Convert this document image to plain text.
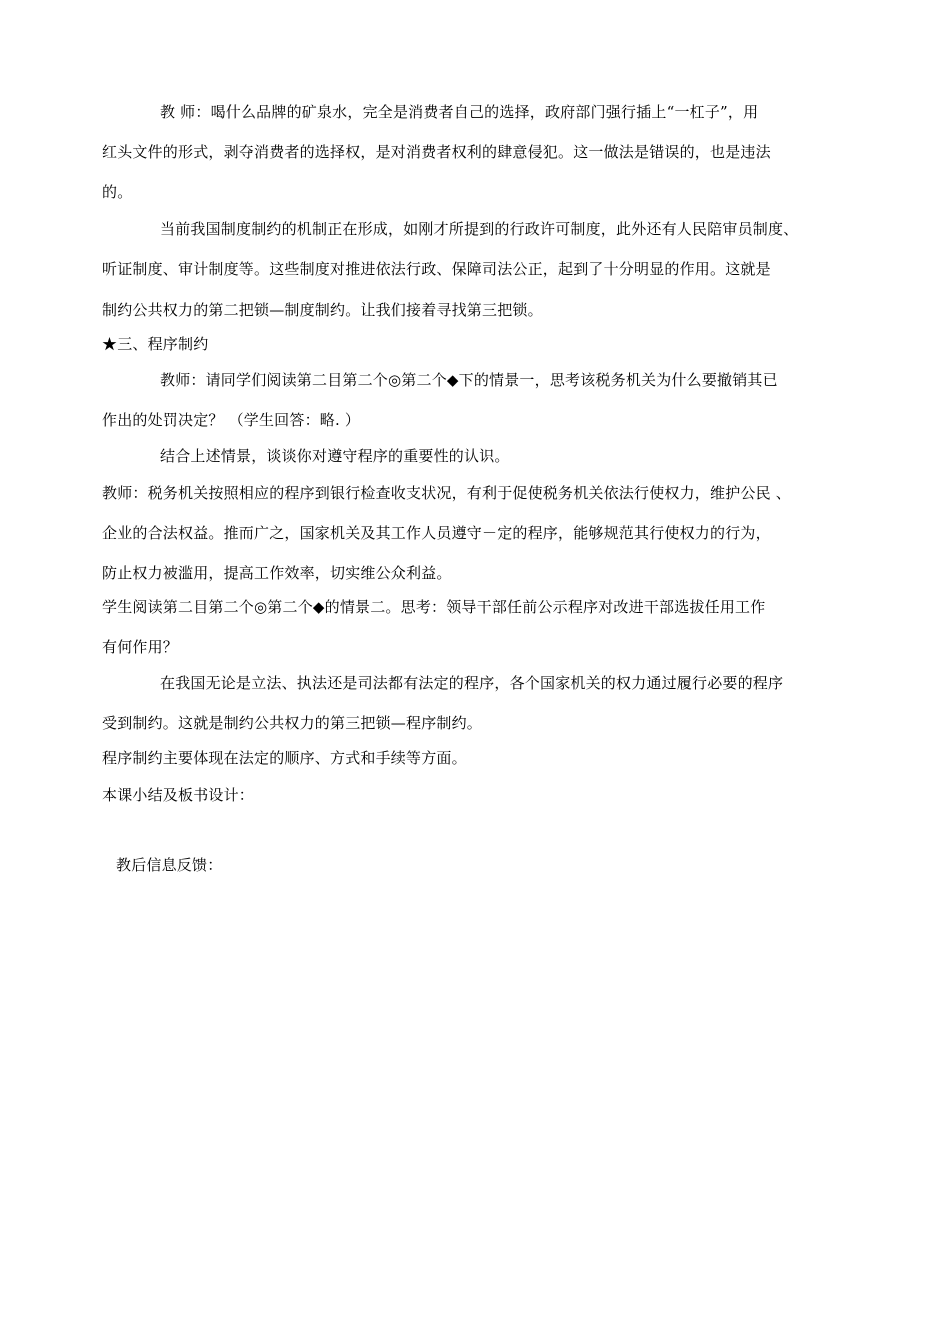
教 师：喝什么品牌的矿泉水，完全是消费者自己的选择，政府部门强行插上“一杠子”，用
红头文件的形式，剥夺消费者的选择权，是对消费者权利的肆意侵犯。这一做法是错误的，也是违法
的。
当前我国制度制约的机制正在形成，如刚才所提到的行政许可制度，此外还有人民陪审员制度、
听证制度、审计制度等。这些制度对推进依法行政、保障司法公正，起到了十分明显的作用。这就是
制约公共权力的第二把锁—制度制约。让我们接着寻找第三把锁。
★三、程序制约
教师：请同学们阅读第二目第二个◎第二个◆下的情景一，思考该税务机关为什么要撤销其已
作出的处罚决定？ （学生回答：略. ）
结合上述情景，谈谈你对遵守程序的重要性的认识。
教师：税务机关按照相应的程序到银行检查收支状况，有利于促使税务机关依法行使权力，维护公民 、
企业的合法权益。推而广之，国家机关及其工作人员遵守－定的程序，能够规范其行使权力的行为，
防止权力被滥用，提高工作效率，切实维公众利益。
学生阅读第二目第二个◎第二个◆的情景二。思考：领导干部任前公示程序对改进干部选拔任用工作
有何作用？
在我国无论是立法、执法还是司法都有法定的程序，各个国家机关的权力通过履行必要的程序
受到制约。这就是制约公共权力的第三把锁—程序制约。
程序制约主要体现在法定的顺序、方式和手续等方面。
本课小结及板书设计：
教后信息反馈：
